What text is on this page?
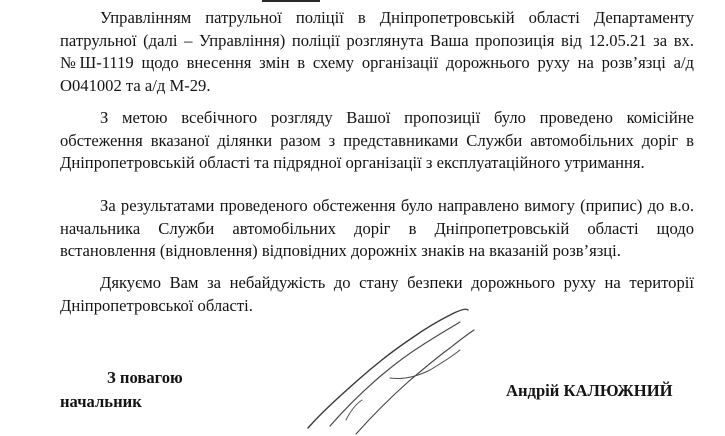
Управлінням патрульної поліції в Дніпропетровській області Департаменту патрульної (далі – Управління) поліції розглянута Ваша пропозиція від 12.05.21 за вх. №Ш-1119 щодо внесення змін в схему організації дорожнього руху на розв’язці а/д О041002 та а/д М-29.

З метою всебічного розгляду Вашої пропозиції було проведено комісійне обстеження вказаної ділянки разом з представниками Служби автомобільних доріг в Дніпропетровській області та підрядної організації з експлуатаційного утримання.

За результатами проведеного обстеження було направлено вимогу (припис) до в.о. начальника Служби автомобільних доріг в Дніпропетровській області щодо встановлення (відновлення) відповідних дорожніх знаків на вказаній розв’язці.

Дякуємо Вам за небайдужість до стану безпеки дорожнього руху на території Дніпропетровської області.

З повагою

начальник

Андрій КАЛЮЖНИЙ
